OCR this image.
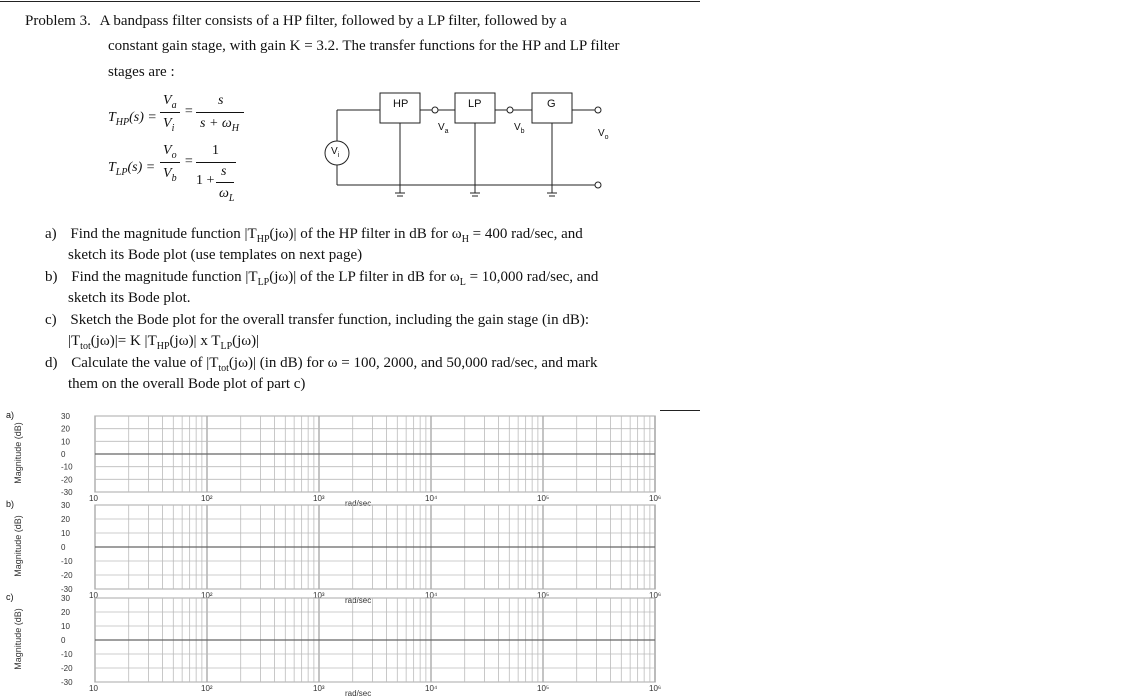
Problem 3. A bandpass filter consists of a HP filter, followed by a LP filter, followed by a
constant gain stage, with gain K = 3.2. The transfer functions for the HP and LP filter
stages are :
$T_{HP}(s)$ =
$V_a$
$V_i$
=
s
$s + \omega_H$
$T_{LP}(s)$ =
$V_o$
$V_b$
=
1
1 +
s
$\omega_L$
HP	LP	G
$V_i$
$V_a$	$V_b$	$V_o$
a) Find the magnitude function $|T_{HP}(j\omega)|$ of the HP filter in dB for $\omega_H = 400$ rad/sec, and
sketch its Bode plot (use templates on next page)
b) Find the magnitude function $|T_{LP}(j\omega)|$ of the LP filter in dB for $\omega_L = 10,000$ rad/sec, and
sketch its Bode plot.
c) Sketch the Bode plot for the overall transfer function, including the gain stage (in dB):
$|T_{tot}(j\omega)|= K$ $|T_{HP}(j\omega)|$ x $T_{LP}(j\omega)|$
d) Calculate the value of $|T_{tot}(j\omega)|$ (in dB) for ω = 100, 2000, and 50,000 rad/sec, and mark
them on the overall Bode plot of part c)
a)
Magnitude (dB)
30
20
10
0
-10
-20
-30
10	10²	10³	10⁴	10⁵	10⁶
rad/sec
b)
Magnitude (dB)
30
20
10
0
-10
-20
-30
10	10²	10³	10⁴	10⁵	10⁶
rad/sec
c)
Magnitude (dB)
30
20
10
0
-10
-20
-30
10	10²	10³	10⁴	10⁵	10⁶
rad/sec
